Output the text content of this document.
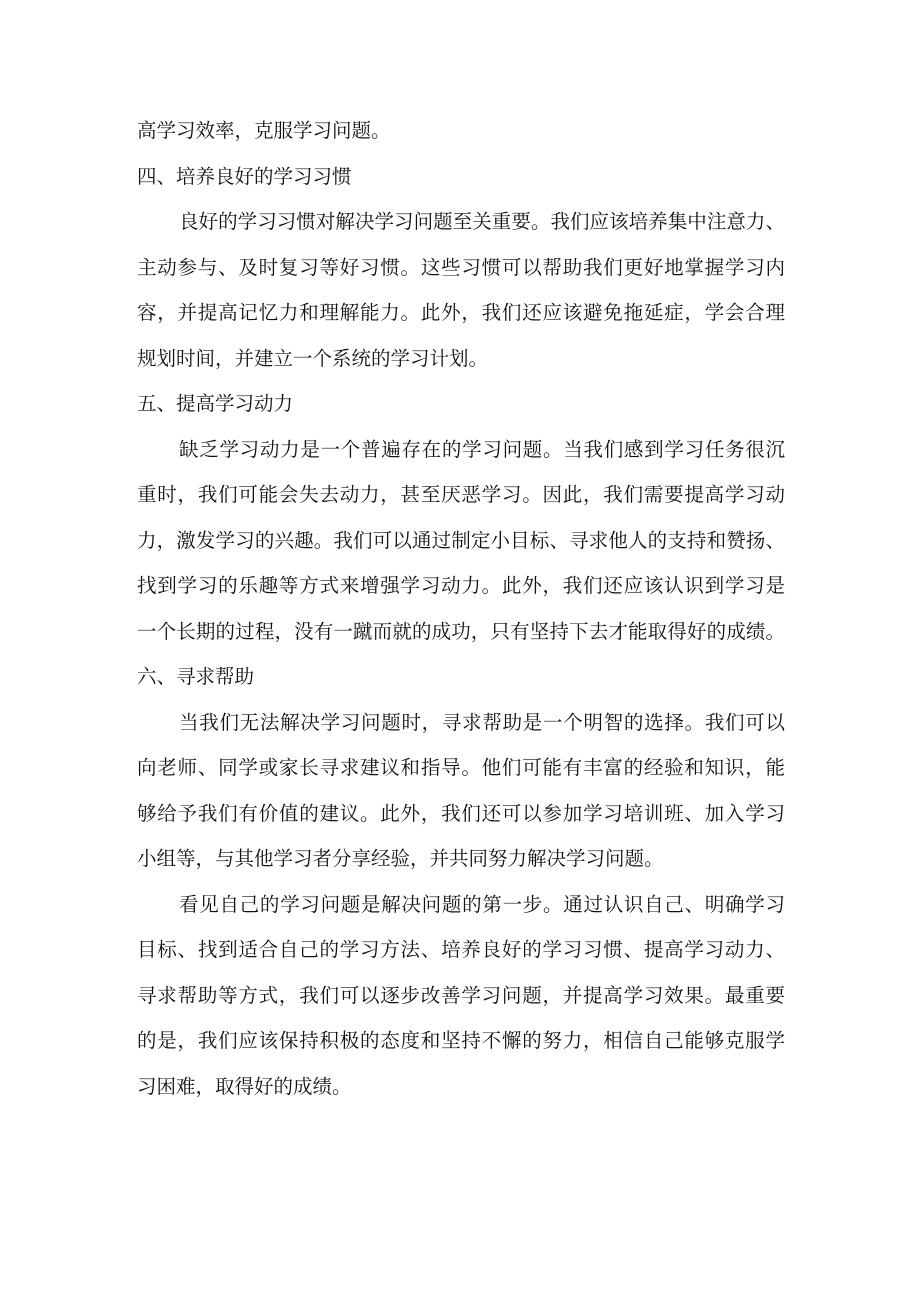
高学习效率，克服学习问题。
四、培养良好的学习习惯
良好的学习习惯对解决学习问题至关重要。我们应该培养集中注意力、
主动参与、及时复习等好习惯。这些习惯可以帮助我们更好地掌握学习内
容，并提高记忆力和理解能力。此外，我们还应该避免拖延症，学会合理
规划时间，并建立一个系统的学习计划。
五、提高学习动力
缺乏学习动力是一个普遍存在的学习问题。当我们感到学习任务很沉
重时，我们可能会失去动力，甚至厌恶学习。因此，我们需要提高学习动
力，激发学习的兴趣。我们可以通过制定小目标、寻求他人的支持和赞扬、
找到学习的乐趣等方式来增强学习动力。此外，我们还应该认识到学习是
一个长期的过程，没有一蹴而就的成功，只有坚持下去才能取得好的成绩。
六、寻求帮助
当我们无法解决学习问题时，寻求帮助是一个明智的选择。我们可以
向老师、同学或家长寻求建议和指导。他们可能有丰富的经验和知识，能
够给予我们有价值的建议。此外，我们还可以参加学习培训班、加入学习
小组等，与其他学习者分享经验，并共同努力解决学习问题。
看见自己的学习问题是解决问题的第一步。通过认识自己、明确学习
目标、找到适合自己的学习方法、培养良好的学习习惯、提高学习动力、
寻求帮助等方式，我们可以逐步改善学习问题，并提高学习效果。最重要
的是，我们应该保持积极的态度和坚持不懈的努力，相信自己能够克服学
习困难，取得好的成绩。
